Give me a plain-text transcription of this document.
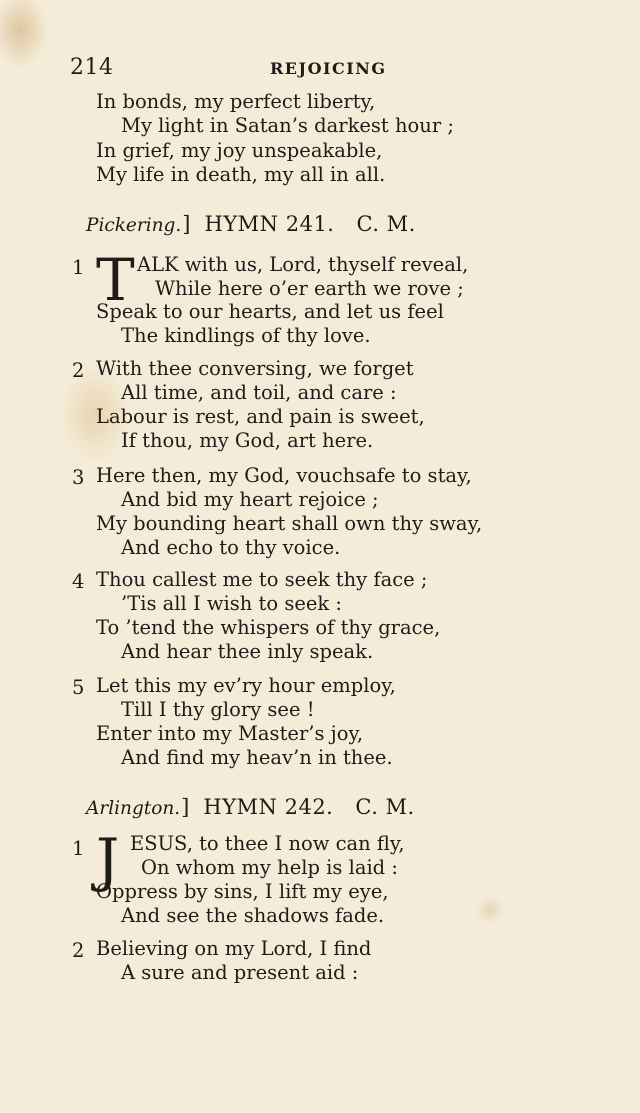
214	REJOICING
In bonds, my perfect liberty,
My light in Satan’s darkest hour ;
In grief, my joy unspeakable,
My life in death, my all in all.
Pickering.] HYMN 241. C. M.
1 T ALK with us, Lord, thyself reveal,
While here o’er earth we rove ;
Speak to our hearts, and let us feel
The kindlings of thy love.
2 With thee conversing, we forget
All time, and toil, and care :
Labour is rest, and pain is sweet,
If thou, my God, art here.
3 Here then, my God, vouchsafe to stay,
And bid my heart rejoice ;
My bounding heart shall own thy sway,
And echo to thy voice.
4 Thou callest me to seek thy face ;
’Tis all I wish to seek :
To ’tend the whispers of thy grace,
And hear thee inly speak.
5 Let this my ev’ry hour employ,
Till I thy glory see !
Enter into my Master’s joy,
And find my heav’n in thee.
Arlington.] HYMN 242. C. M.
1 J ESUS, to thee I now can fly,
On whom my help is laid :
Oppress by sins, I lift my eye,
And see the shadows fade.
2 Believing on my Lord, I find
A sure and present aid :
